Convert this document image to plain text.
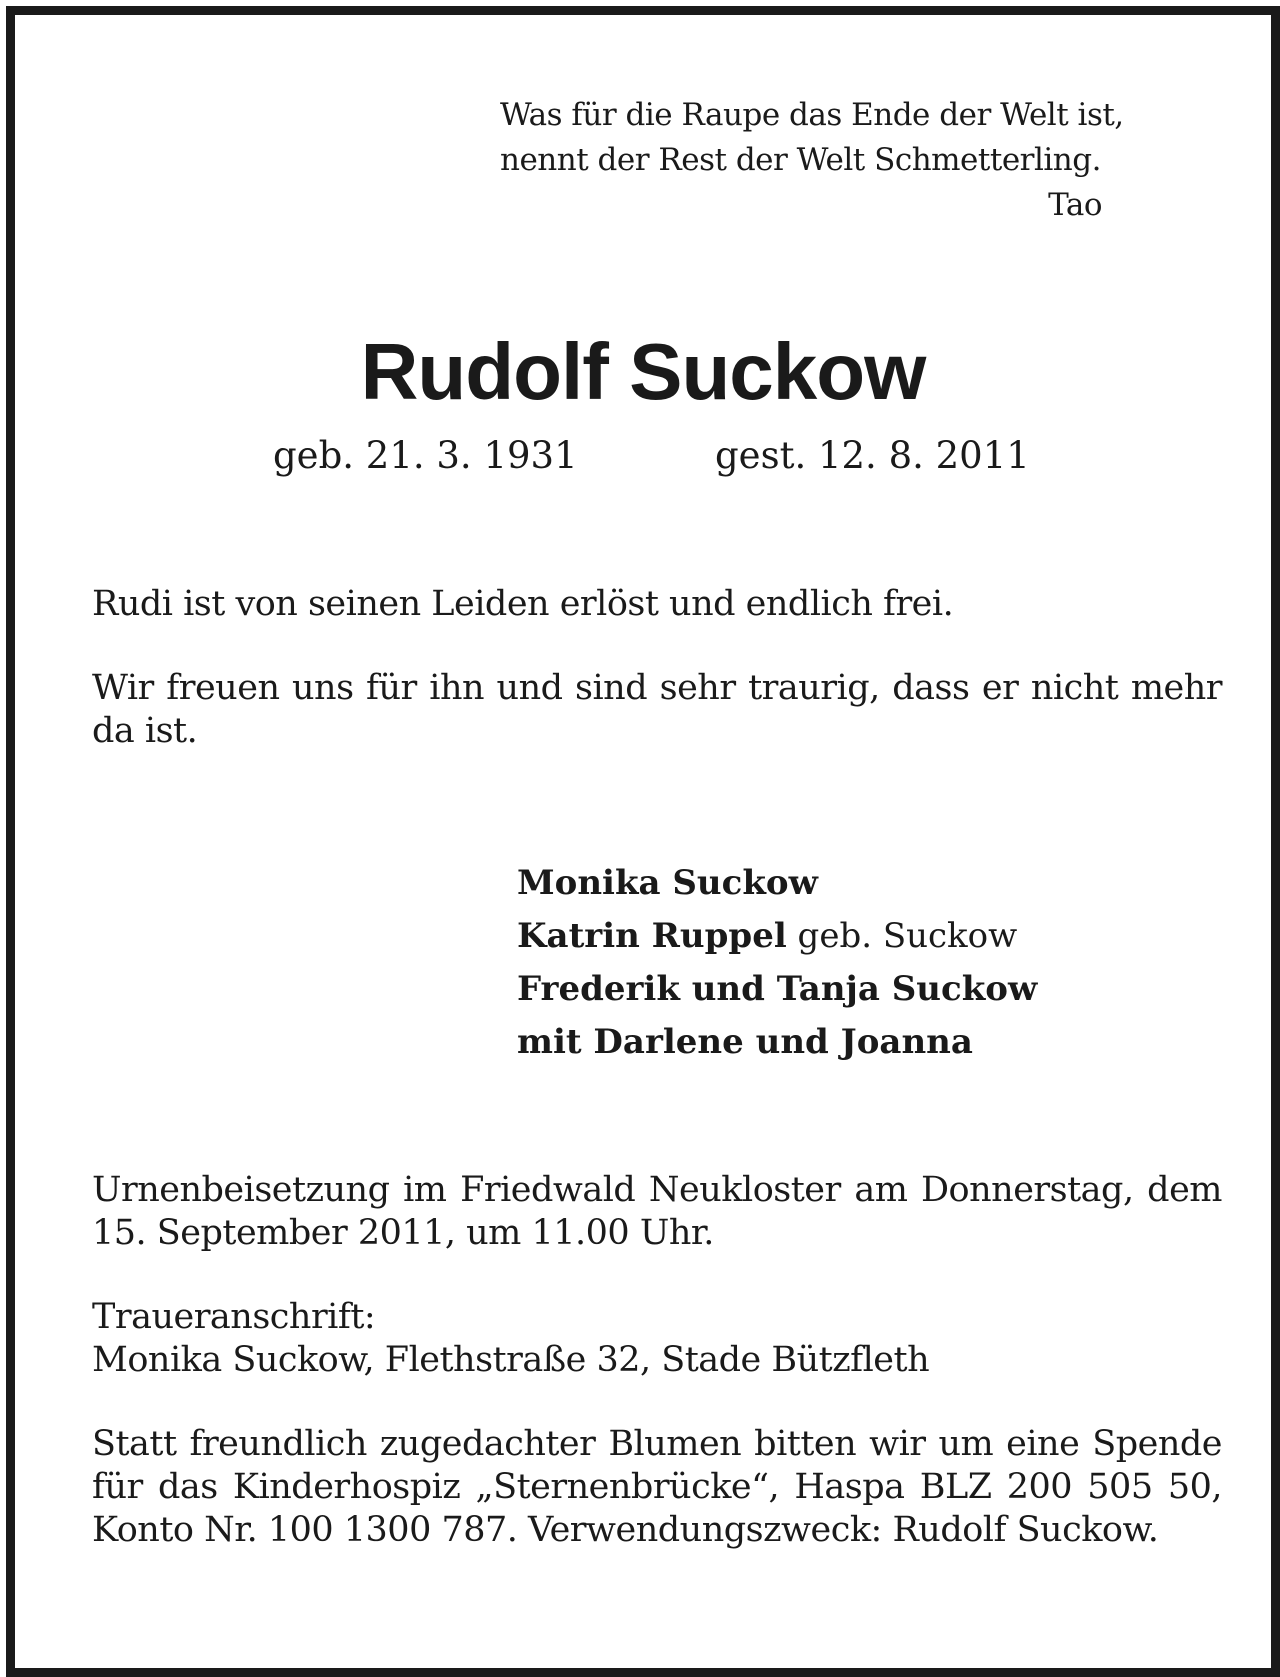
Was für die Raupe das Ende der Welt ist,
nennt der Rest der Welt Schmetterling.
Tao
Rudolf Suckow
geb. 21. 3. 1931	gest. 12. 8. 2011
Rudi ist von seinen Leiden erlöst und endlich frei.
Wir freuen uns für ihn und sind sehr traurig, dass er nicht mehr da ist.
Monika Suckow
Katrin Ruppel geb. Suckow
Frederik und Tanja Suckow
mit Darlene und Joanna
Urnenbeisetzung im Friedwald Neukloster am Donnerstag, dem 15. September 2011, um 11.00 Uhr.
Traueranschrift:
Monika Suckow, Flethstraße 32, Stade Bützfleth
Statt freundlich zugedachter Blumen bitten wir um eine Spende für das Kinderhospiz „Sternenbrücke“, Haspa BLZ 200 505 50, Konto Nr. 100 1300 787. Verwendungszweck: Rudolf Suckow.
